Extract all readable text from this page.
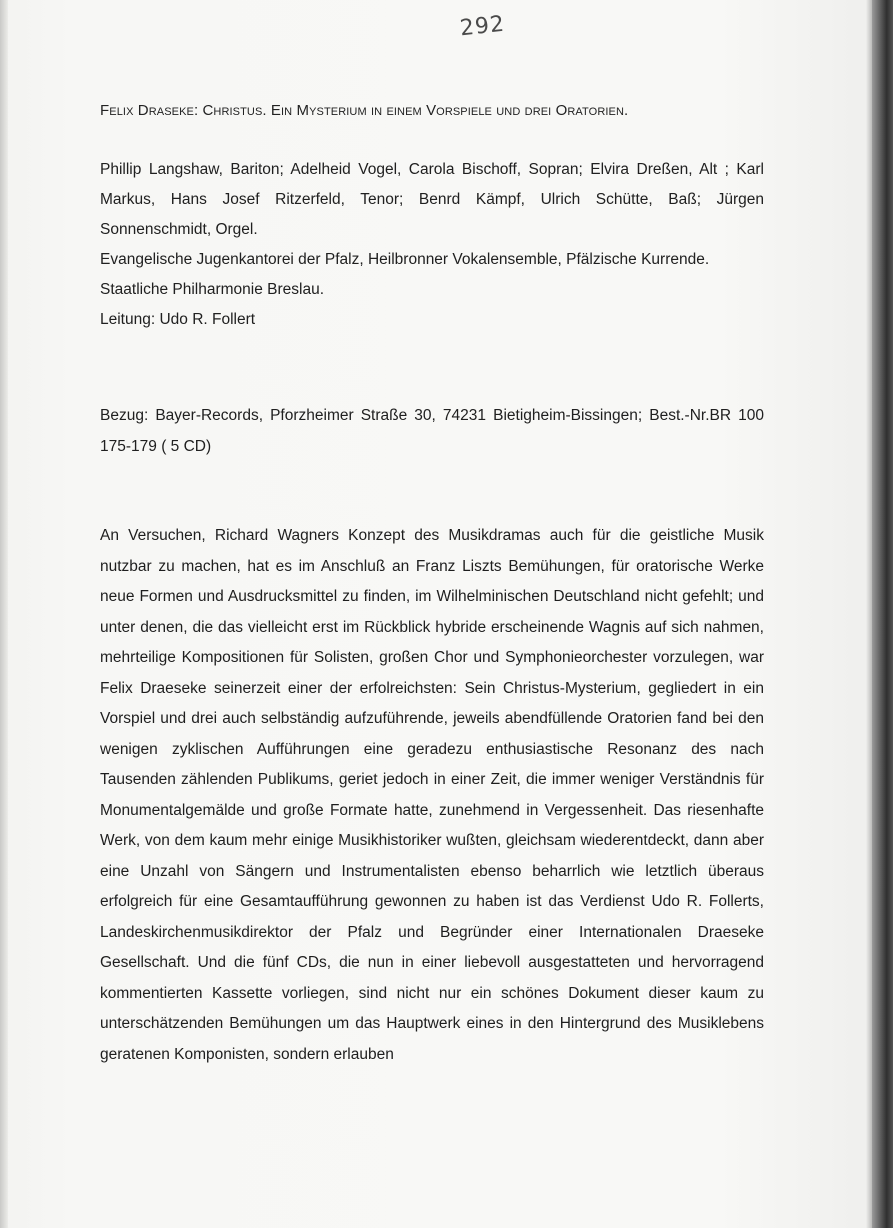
292
Felix Draseke: Christus. Ein Mysterium in einem Vorspiele und drei Oratorien.

Phillip Langshaw, Bariton; Adelheid Vogel, Carola Bischoff, Sopran; Elvira Dreßen, Alt ; Karl Markus, Hans Josef Ritzerfeld, Tenor; Benrd Kämpf, Ulrich Schütte, Baß; Jürgen Sonnenschmidt, Orgel.

Evangelische Jugenkantorei der Pfalz, Heilbronner Vokalensemble, Pfälzische Kurrende.

Staatliche Philharmonie Breslau.

Leitung: Udo R. Follert

Bezug: Bayer-Records, Pforzheimer Straße 30, 74231 Bietigheim-Bissingen; Best.-Nr.BR 100 175-179 ( 5 CD)

An Versuchen, Richard Wagners Konzept des Musikdramas auch für die geistliche Musik nutzbar zu machen, hat es im Anschluß an Franz Liszts Bemühungen, für oratorische Werke neue Formen und Ausdrucksmittel zu finden, im Wilhelminischen Deutschland nicht gefehlt; und unter denen, die das vielleicht erst im Rückblick hybride erscheinende Wagnis auf sich nahmen, mehrteilige Kompositionen für Solisten, großen Chor und Symphonieorchester vorzulegen, war Felix Draeseke seinerzeit einer der erfolreichsten: Sein Christus-Mysterium, gegliedert in ein Vorspiel und drei auch selbständig aufzuführende, jeweils abendfüllende Oratorien fand bei den wenigen zyklischen Aufführungen eine geradezu enthusiastische Resonanz des nach Tausenden zählenden Publikums, geriet jedoch in einer Zeit, die immer weniger Verständnis für Monumentalgemälde und große Formate hatte, zunehmend in Vergessenheit. Das riesenhafte Werk, von dem kaum mehr einige Musikhistoriker wußten, gleichsam wiederentdeckt, dann aber eine Unzahl von Sängern und Instrumentalisten ebenso beharrlich wie letztlich überaus erfolgreich für eine Gesamtaufführung gewonnen zu haben ist das Verdienst Udo R. Follerts, Landeskirchenmusikdirektor der Pfalz und Begründer einer Internationalen Draeseke Gesellschaft. Und die fünf CDs, die nun in einer liebevoll ausgestatteten und hervorragend kommentierten Kassette vorliegen, sind nicht nur ein schönes Dokument dieser kaum zu unterschätzenden Bemühungen um das Hauptwerk eines in den Hintergrund des Musiklebens geratenen Komponisten, sondern erlauben
